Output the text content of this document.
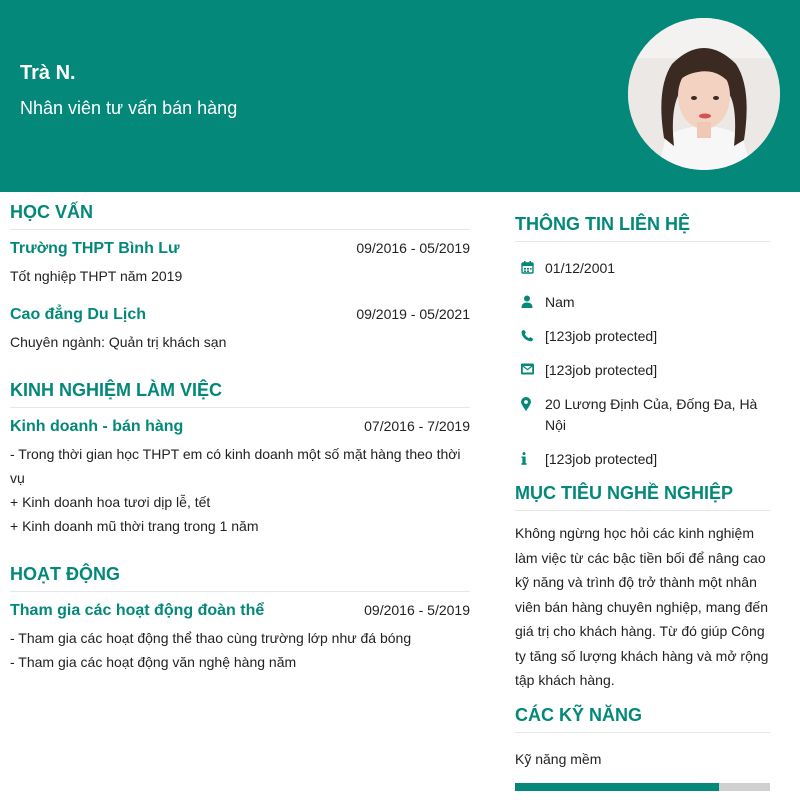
Trà N.
Nhân viên tư vấn bán hàng
HỌC VẤN
Trường THPT Bình Lư	09/2016 - 05/2019
Tốt nghiệp THPT năm 2019
Cao đẳng Du Lịch	09/2019 - 05/2021
Chuyên ngành: Quản trị khách sạn
KINH NGHIỆM LÀM VIỆC
Kinh doanh - bán hàng	07/2016 - 7/2019
- Trong thời gian học THPT em có kinh doanh một số mặt hàng theo thời vụ
+ Kinh doanh hoa tươi dịp lễ, tết
+ Kinh doanh mũ thời trang trong 1 năm
HOẠT ĐỘNG
Tham gia các hoạt động đoàn thể	09/2016 - 5/2019
- Tham gia các hoạt động thể thao cùng trường lớp như đá bóng
- Tham gia các hoạt động văn nghệ hàng năm
THÔNG TIN LIÊN HỆ
01/12/2001
Nam
[123job protected]
[123job protected]
20 Lương Định Của, Đống Đa, Hà Nội
[123job protected]
MỤC TIÊU NGHỀ NGHIỆP
Không ngừng học hỏi các kinh nghiệm làm việc từ các bậc tiền bối để nâng cao kỹ năng và trình độ trở thành một nhân viên bán hàng chuyên nghiệp, mang đến giá trị cho khách hàng. Từ đó giúp Công ty tăng số lượng khách hàng và mở rộng tập khách hàng.
CÁC KỸ NĂNG
Kỹ năng mềm
